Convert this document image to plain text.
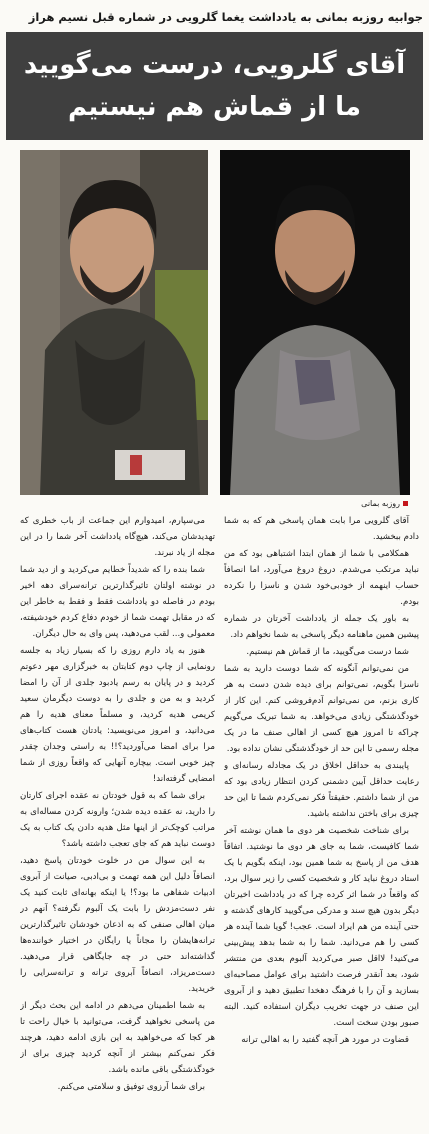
جوابیه روزبه بمانی به یادداشت یغما گلرویی در شماره قبل نسیم هراز
آقای گلرویی، درست می‌گویید
ما از قماش هم نیستیم
روزبه بمانی

آقای گلرویی مرا بابت همان پاسخی هم که به شما دادم ببخشید.

همکلامی با شما از همان ابتدا اشتباهی بود که من نباید مرتکب می‌شدم. دروغ دروغ می‌آورد، اما انصافاً حساب اینهمه از خودبی‌خود شدن و ناسزا را نکرده بودم.

به باور یک جمله از یادداشت آخرتان در شماره پیشین همین ماهنامه دیگر پاسخی به شما نخواهم داد.

شما درست می‌گویید، ما از قماش هم نیستیم.

من نمی‌توانم آنگونه که شما دوست دارید به شما ناسزا بگویم، نمی‌توانم برای دیده شدن دست به هر کاری بزنم، من نمی‌توانم آدم‌فروشی کنم. این کار از خودگذشتگی زیادی می‌خواهد. به شما تبریک می‌گویم چراکه تا امروز هیچ کسی از اهالی صنف ما در یک مجله رسمی تا این حد از خودگذشتگی نشان نداده بود.

پایبندی به حداقل اخلاق در یک مجادله رسانه‌ای و رعایت حداقل آیین دشمنی کردن انتظار زیادی بود که من از شما داشتم. حقیقتاً فکر نمی‌کردم شما تا این حد چیزی برای باختن نداشته باشید.

برای شناخت شخصیت هر دوی ما همان نوشته آخر شما کافیست، شما به جای هر دوی ما نوشتید. اتفاقاً هدف من از پاسخ به شما همین بود، اینکه بگویم با یک استاد دروغ نباید کار و شخصیت کسی را زیر سوال برد، که واقعاً در شما اثر کرده چرا که در یادداشت اخیرتان دیگر بدون هیچ سند و مدرکی می‌گویید کارهای گذشته و حتی آینده من هم ایراد است. عجب! گویا شما آینده هر کسی را هم می‌دانید. شما را به شما بدهد پیش‌بینی می‌کنید! لااقل صبر می‌کردید آلبوم بعدی من منتشر شود، بعد آنقدر فرصت داشتید برای عوامل مصاحبه‌ای بسازید و آن را با فرهنگ دهخدا تطبیق دهید و از آبروی این صنف در جهت تخریب دیگران استفاده کنید. البته صبور بودن سخت است.

قضاوت در مورد هر آنچه گفتید را به اهالی ترانه

می‌سپارم، امیدوارم این جماعت از باب خطری که تهدیدشان می‌کند، هیچ‌گاه یادداشت آخر شما را در این مجله از یاد نبرند.

شما بنده را که شدیداً خطایم می‌کردید و از دید شما در نوشته اولتان تاثیرگذارترین ترانه‌سرای دهه اخیر بودم در فاصله دو یادداشت فقط و فقط به خاطر این که در مقابل تهمت شما از خودم دفاع کردم خودشیفته، معمولی و... لقب می‌دهید، پس وای به حال دیگران.

هنوز به یاد دارم روزی را که بسیار زیاد به جلسه رونمایی از چاپ دوم کتابتان به خبرگزاری مهر دعوتم کردید و در پایان به رسم یادبود جلدی از آن را امضا کردید و به من و جلدی را به دوست دیگرمان سعید کریمی هدیه کردید، و مسلماً معنای هدیه را هم می‌دانید، و امروز می‌نویسید: یادتان هست کتاب‌های مرا برای امضا می‌آوردید؟!! به راستی وجدان چقدر چیز خوبی است. بیچاره آنهایی که واقعاً روزی از شما امضایی گرفته‌اند!

برای شما که به قول خودتان نه عقده اجرای کارتان را دارید، نه عقده دیده شدن؛ وارونه کردن مساله‌ای به مراتب کوچک‌تر از اینها مثل هدیه دادن یک کتاب به یک دوست نباید هم که جای تعجب داشته باشد؟

به این سوال من در خلوت خودتان پاسخ دهید، انصافاً دلیل این همه تهمت و بی‌ادبی، صیانت از آبروی ادبیات شفاهی ما بود؟! یا اینکه بهانه‌ای ثابت کنید یک نفر دست‌مزدش را بابت یک آلبوم نگرفته؟ آنهم در میان اهالی صنفی که به اذعان خودشان تاثیرگذارترین ترانه‌هایشان را مجاناً یا رایگان در اختیار خواننده‌ها گذاشته‌اند حتی در چه جایگاهی قرار می‌دهید. دست‌مریزاد، انصافاً آبروی ترانه و ترانه‌سرایی را خریدید.

به شما اطمینان می‌دهم در ادامه این بحث دیگر از من پاسخی نخواهید گرفت، می‌توانید با خیال راحت تا هر کجا که می‌خواهید به این بازی ادامه دهید، هرچند فکر نمی‌کنم بیشتر از آنچه کردید چیزی برای از خودگذشتگی باقی مانده باشد.

برای شما آرزوی توفیق و سلامتی می‌کنم.
